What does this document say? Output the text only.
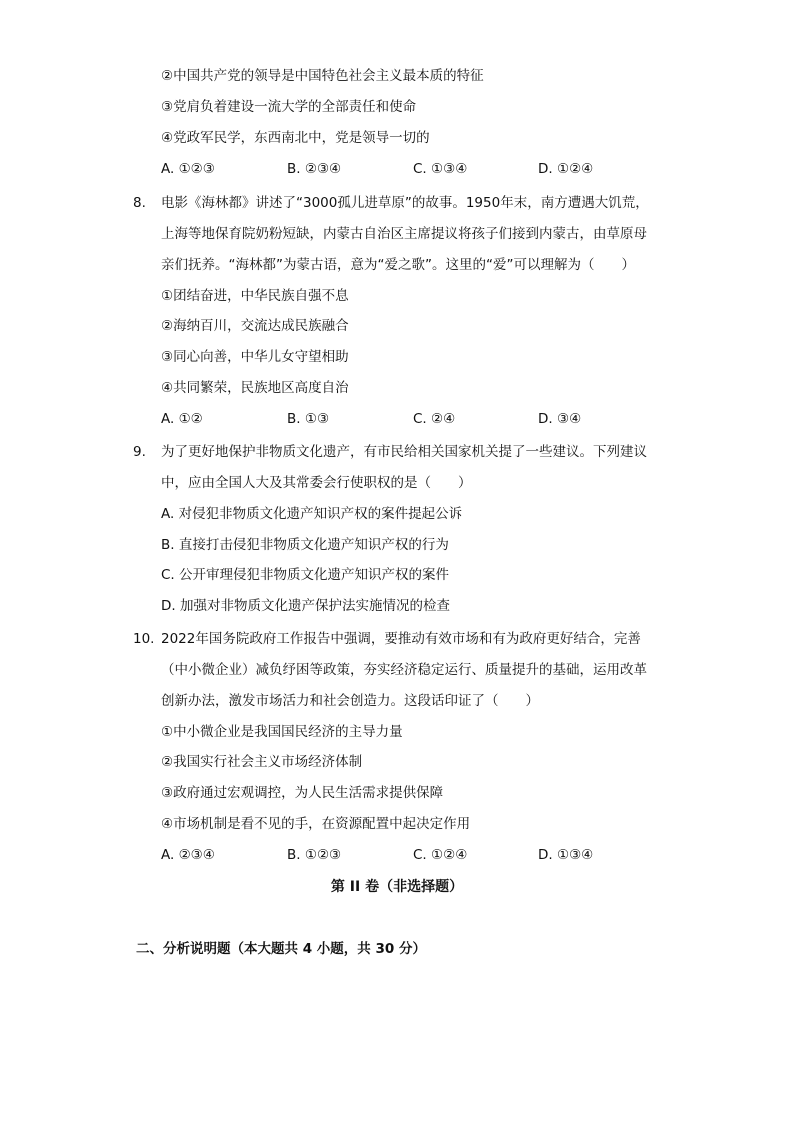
②中国共产党的领导是中国特色社会主义最本质的特征
③党肩负着建设一流大学的全部责任和使命
④党政军民学，东西南北中，党是领导一切的
A. ①②③	B. ②③④	C. ①③④	D. ①②④
8. 电影《海林都》讲述了“3000孤儿进草原”的故事。1950年末，南方遭遇大饥荒，
上海等地保育院奶粉短缺，内蒙古自治区主席提议将孩子们接到内蒙古，由草原母
亲们抚养。“海林都”为蒙古语，意为“爱之歌”。这里的“爱”可以理解为（　　）
①团结奋进，中华民族自强不息
②海纳百川，交流达成民族融合
③同心向善，中华儿女守望相助
④共同繁荣，民族地区高度自治
A. ①②	B. ①③	C. ②④	D. ③④
9. 为了更好地保护非物质文化遗产，有市民给相关国家机关提了一些建议。下列建议
中，应由全国人大及其常委会行使职权的是（　　）
A. 对侵犯非物质文化遗产知识产权的案件提起公诉
B. 直接打击侵犯非物质文化遗产知识产权的行为
C. 公开审理侵犯非物质文化遗产知识产权的案件
D. 加强对非物质文化遗产保护法实施情况的检查
10. 2022年国务院政府工作报告中强调，要推动有效市场和有为政府更好结合，完善
（中小微企业）减负纾困等政策，夯实经济稳定运行、质量提升的基础，运用改革
创新办法，激发市场活力和社会创造力。这段话印证了（　　）
①中小微企业是我国国民经济的主导力量
②我国实行社会主义市场经济体制
③政府通过宏观调控，为人民生活需求提供保障
④市场机制是看不见的手，在资源配置中起决定作用
A. ②③④	B. ①②③	C. ①②④	D. ①③④
第 II 卷（非选择题）
二、分析说明题（本大题共 4 小题，共 30 分）
